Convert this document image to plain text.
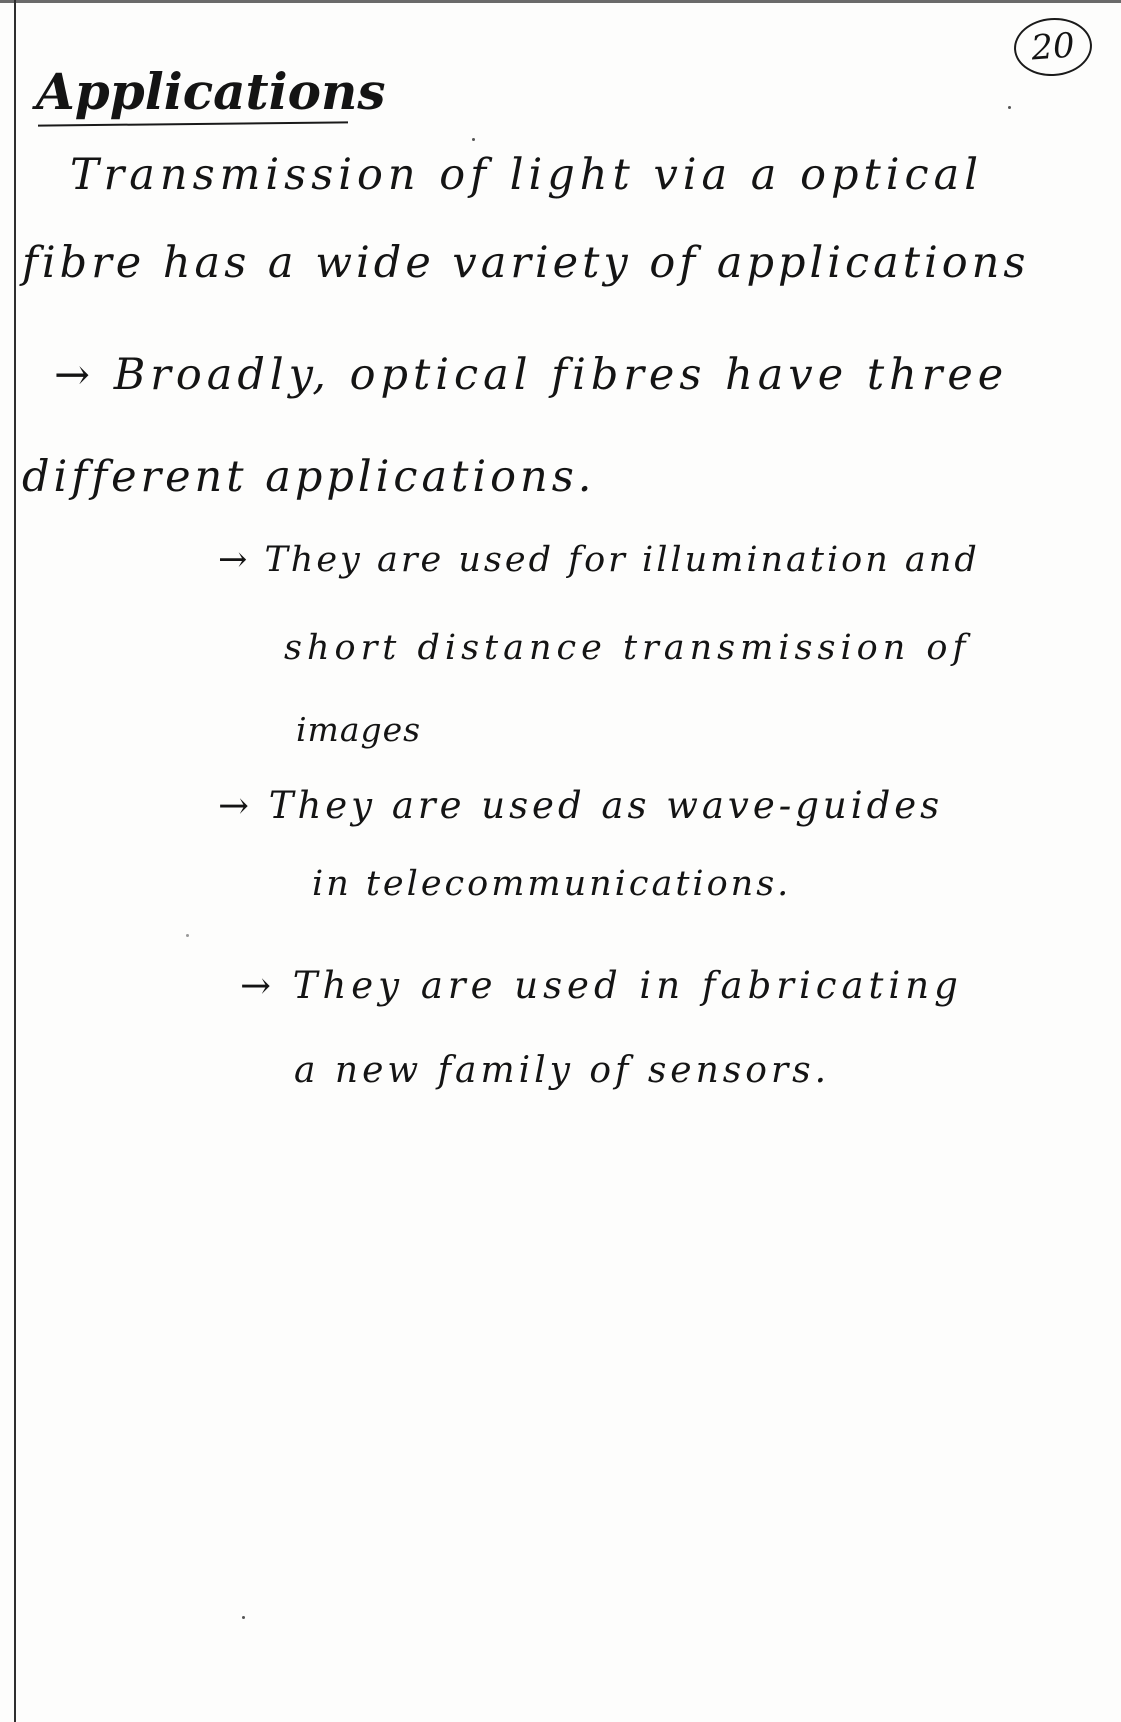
20
Applications

Transmission of light via a optical

fibre has a wide variety of applications

→ Broadly, optical fibres have three

different applications.

→ They are used for illumination and

short distance transmission of

images

→ They are used as wave-guides

in telecommunications.

→ They are used in fabricating

a new family of sensors.
